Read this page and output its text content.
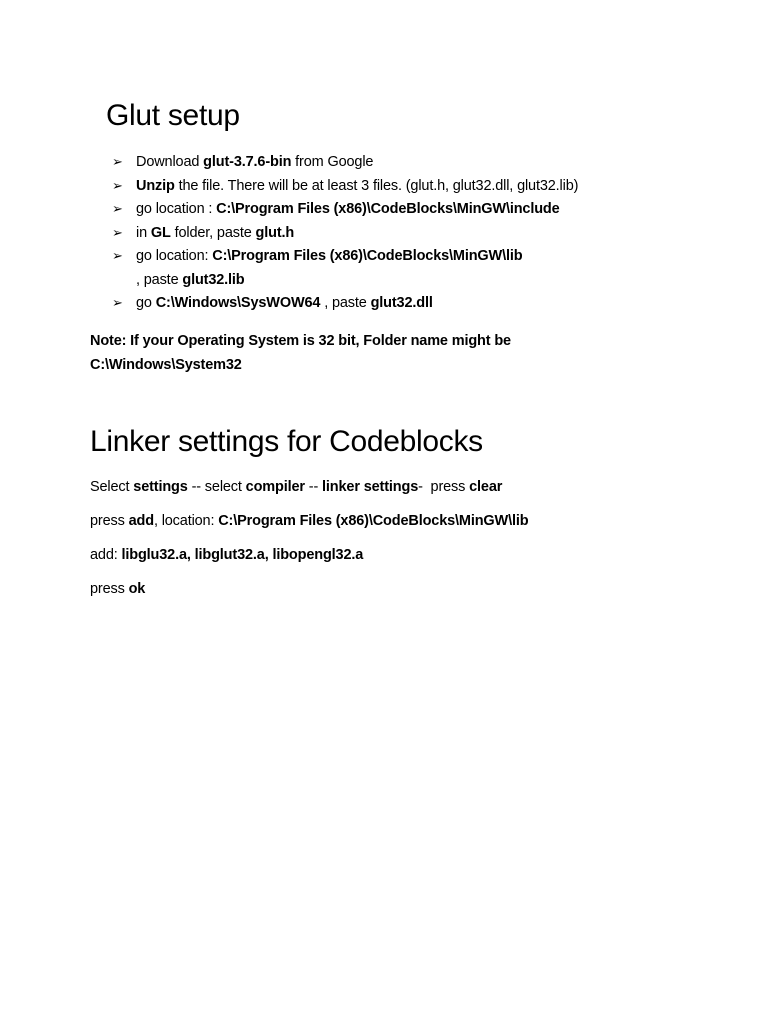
Glut setup
➢ Download glut-3.7.6-bin from Google
➢ Unzip the file. There will be at least 3 files. (glut.h, glut32.dll, glut32.lib)
➢ go location : C:\Program Files (x86)\CodeBlocks\MinGW\include
➢ in GL folder, paste glut.h
➢ go location: C:\Program Files (x86)\CodeBlocks\MinGW\lib
, paste glut32.lib
➢ go C:\Windows\SysWOW64 , paste glut32.dll
Note: If your Operating System is 32 bit, Folder name might be
C:\Windows\System32
Linker settings for Codeblocks
Select settings -- select compiler -- linker settings-  press clear
press add, location: C:\Program Files (x86)\CodeBlocks\MinGW\lib
add: libglu32.a, libglut32.a, libopengl32.a
press ok
